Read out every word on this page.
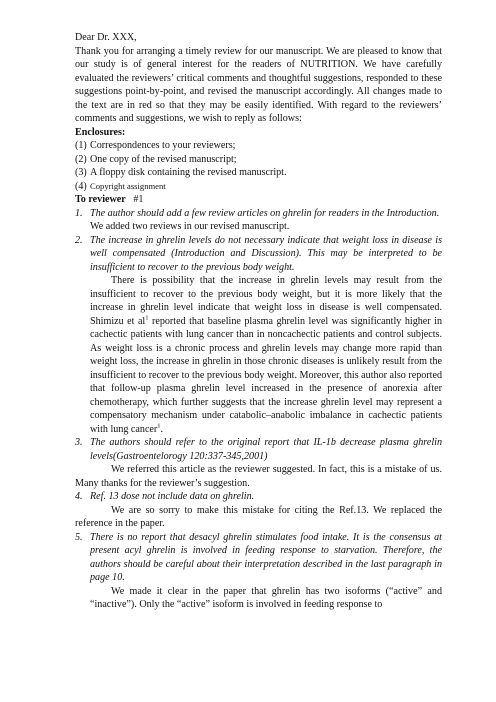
Dear Dr. XXX,

Thank you for arranging a timely review for our manuscript. We are pleased to know that our study is of general interest for the readers of NUTRITION. We have carefully evaluated the reviewers’ critical comments and thoughtful suggestions, responded to these suggestions point-by-point, and revised the manuscript accordingly. All changes made to the text are in red so that they may be easily identified. With regard to the reviewers’ comments and suggestions, we wish to reply as follows:

Enclosures:

(1) Correspondences to your reviewers;
(2) One copy of the revised manuscript;
(3) A floppy disk containing the revised manuscript.
(4) Copyright assignment

To reviewer #1

1. The author should add a few review articles on ghrelin for readers in the Introduction.

We added two reviews in our revised manuscript.

2. The increase in ghrelin levels do not necessary indicate that weight loss in disease is well compensated (Introduction and Discussion). This may be interpreted to be insufficient to recover to the previous body weight.

There is possibility that the increase in ghrelin levels may result from the insufficient to recover to the previous body weight, but it is more likely that the increase in ghrelin level indicate that weight loss in disease is well compensated. Shimizu et $al^1$ reported that baseline plasma ghrelin level was significantly higher in cachectic patients with lung cancer than in noncachectic patients and control subjects. As weight loss is a chronic process and ghrelin levels may change more rapid than weight loss, the increase in ghrelin in those chronic diseases is unlikely result from the insufficient to recover to the previous body weight. Moreover, this author also reported that follow-up plasma ghrelin level increased in the presence of anorexia after chemotherapy, which further suggests that the increase ghrelin level may represent a compensatory mechanism under catabolic–anabolic imbalance in cachectic patients with lung cancer$^1$.

3. The authors should refer to the original report that IL-1b decrease plasma ghrelin levels(Gastroentelorogy 120:337-345,2001)

We referred this article as the reviewer suggested. In fact, this is a mistake of us. Many thanks for the reviewer’s suggestion.

4. Ref. 13 dose not include data on ghrelin.

We are so sorry to make this mistake for citing the Ref.13. We replaced the reference in the paper.

5. There is no report that desacyl ghrelin stimulates food intake. It is the consensus at present acyl ghrelin is involved in feeding response to starvation. Therefore, the authors should be careful about their interpretation described in the last paragraph in page 10.

We made it clear in the paper that ghrelin has two isoforms (“active” and “inactive”). Only the “active” isoform is involved in feeding response to
